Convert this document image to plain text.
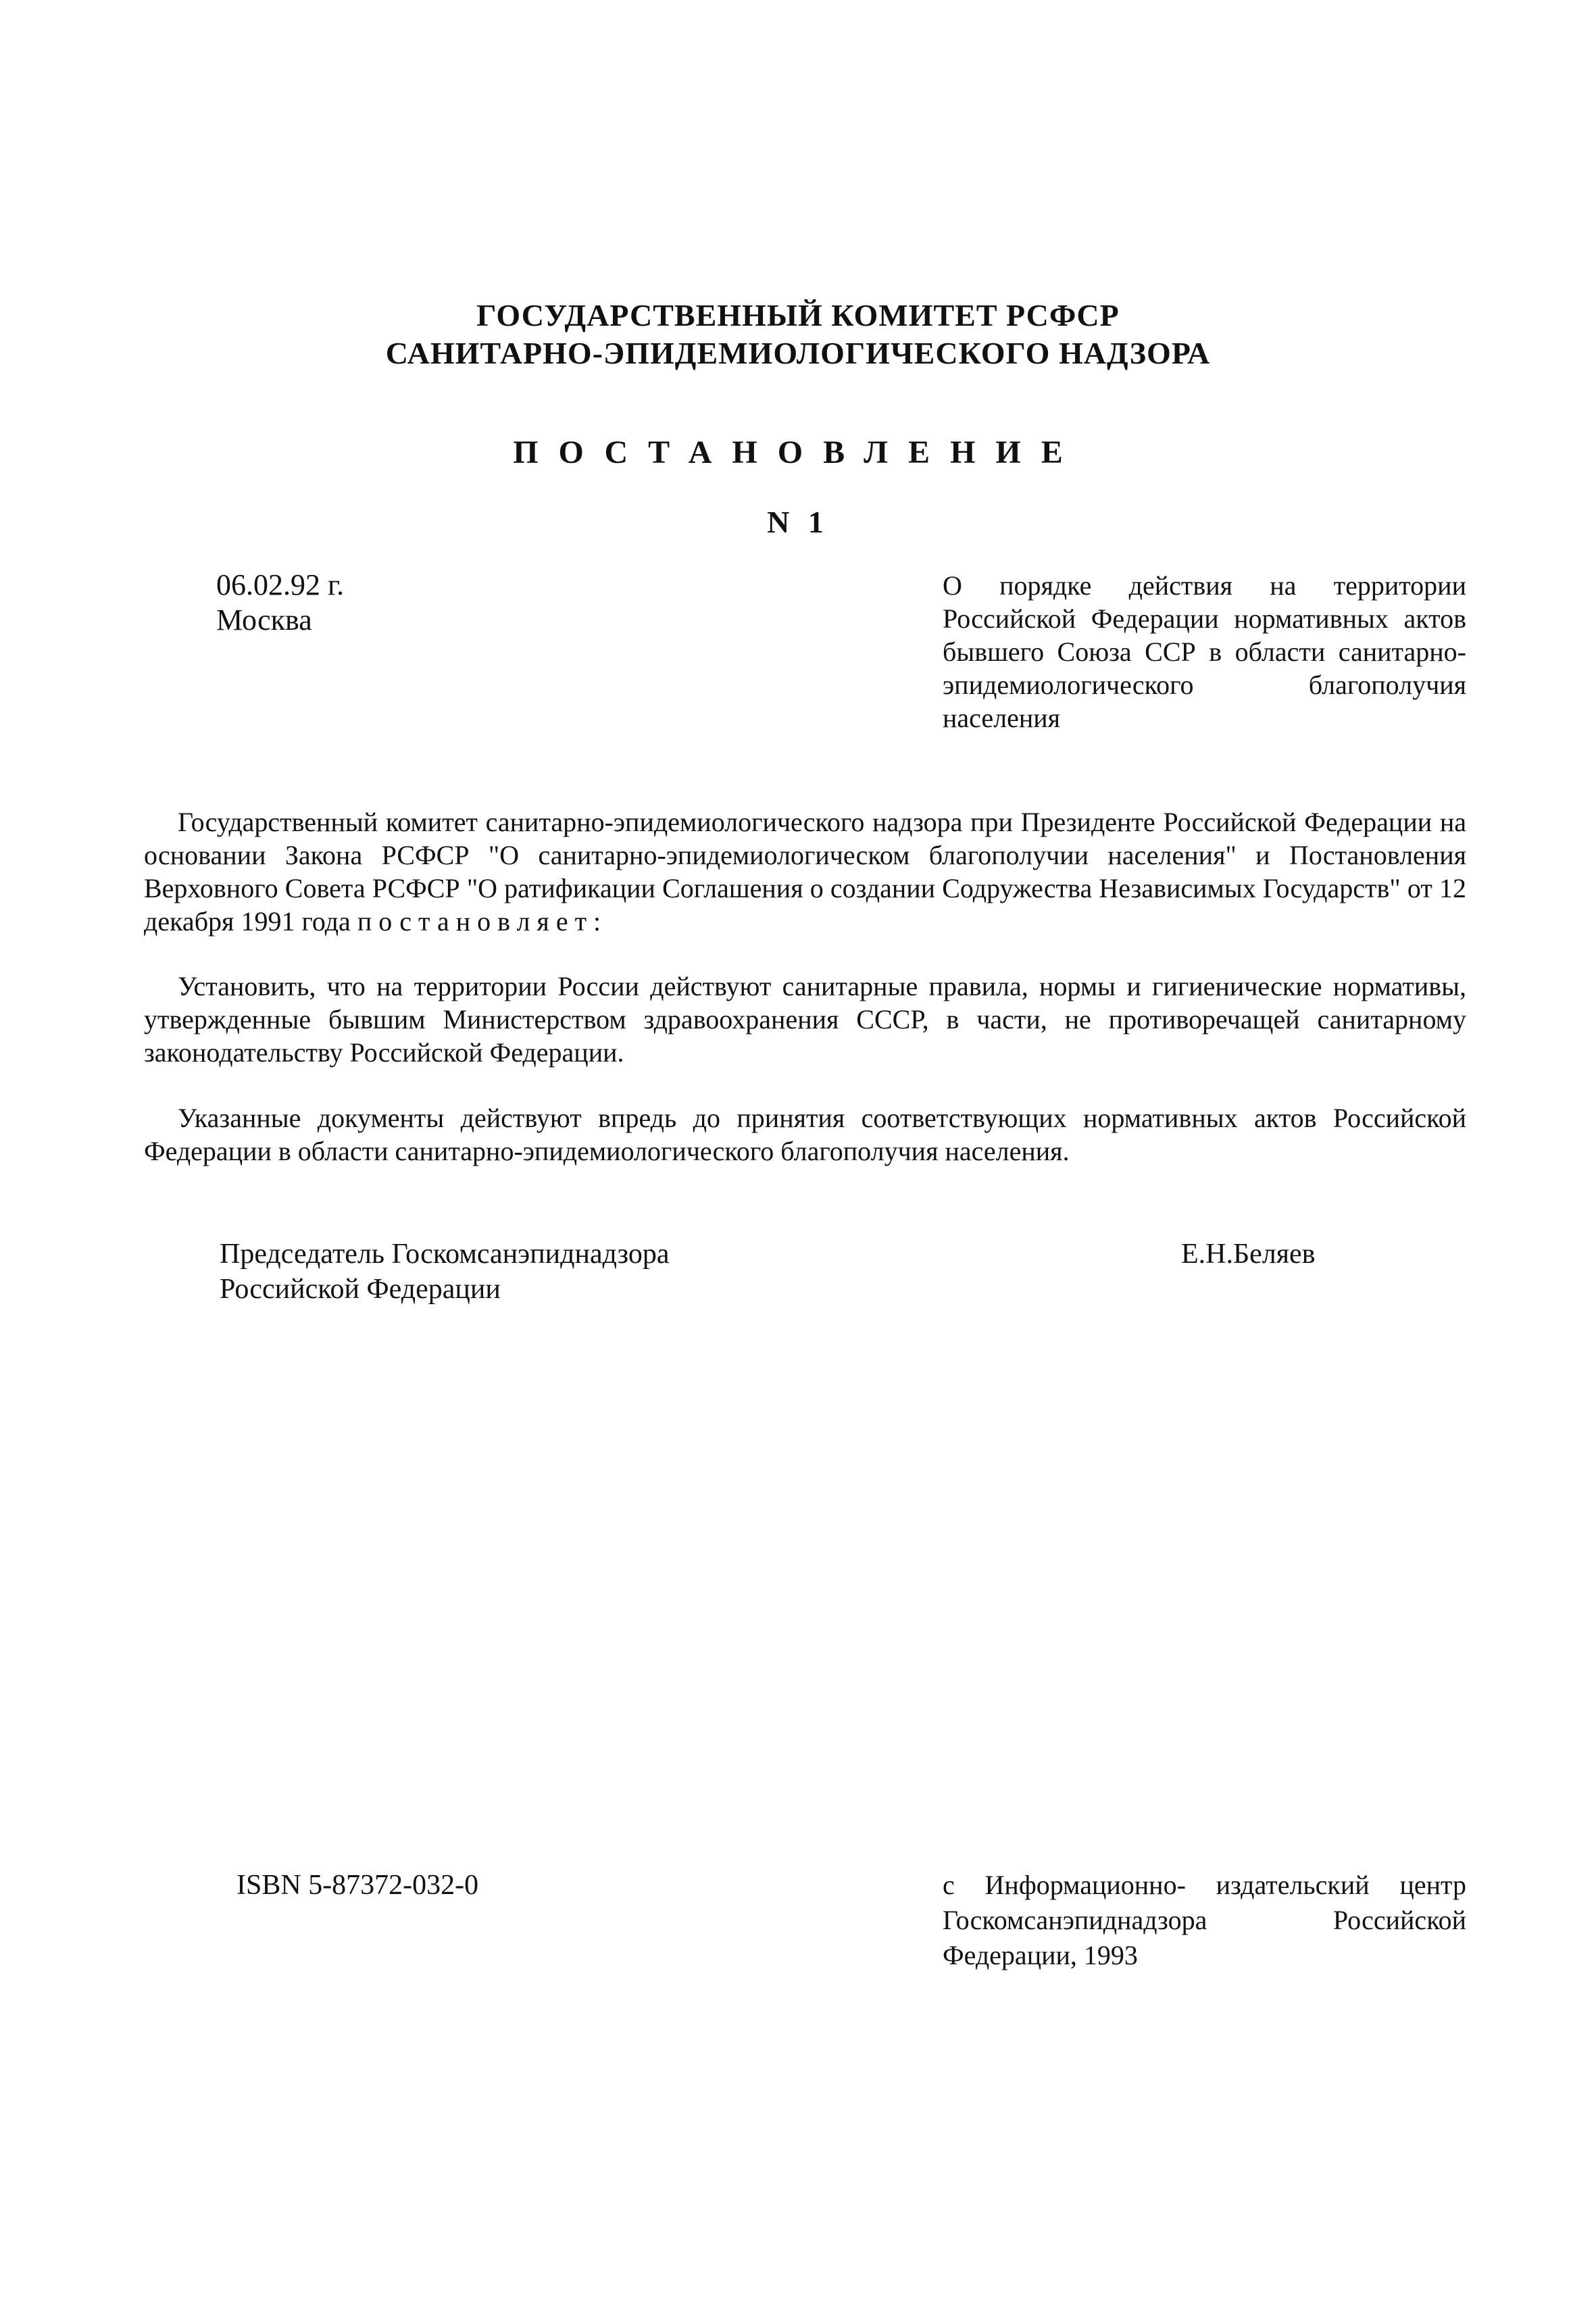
ГОСУДАРСТВЕННЫЙ КОМИТЕТ РСФСР
САНИТАРНО-ЭПИДЕМИОЛОГИЧЕСКОГО НАДЗОРА
ПОСТАНОВЛЕНИЕ
N 1
06.02.92 г.
Москва
О порядке действия на территории Российской Федерации нормативных актов бывшего Союза ССР в области санитарно-эпидемиологического благополучия населения
Государственный комитет санитарно-эпидемиологического надзора при Президенте Российской Федерации на основании Закона РСФСР "О санитарно-эпидемиологическом благополучии населения" и Постановления Верховного Совета РСФСР "О ратификации Соглашения о создании Содружества Независимых Государств" от 12 декабря 1991 года постановляет:
Установить, что на территории России действуют санитарные правила, нормы и гигиенические нормативы, утвержденные бывшим Министерством здравоохранения СССР, в части, не противоречащей санитарному законодательству Российской Федерации.
Указанные документы действуют впредь до принятия соответствующих нормативных актов Российской Федерации в области санитарно-эпидемиологического благополучия населения.
Председатель Госкомсанэпиднадзора
Российской Федерации
Е.Н.Беляев
ISBN 5-87372-032-0	с Информационно- издательский центр Госкомсанэпиднадзора Российской Федерации, 1993
